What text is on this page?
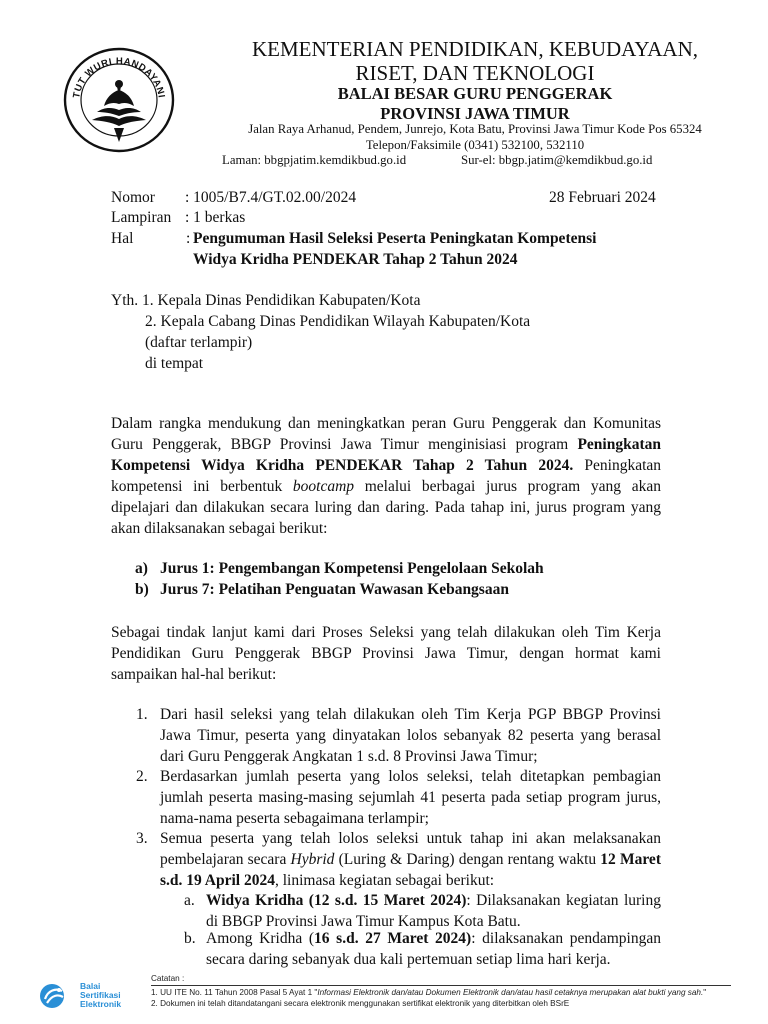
TUT WURI HANDAYANI
KEMENTERIAN PENDIDIKAN, KEBUDAYAAN,
RISET, DAN TEKNOLOGI
BALAI BESAR GURU PENGGERAK
PROVINSI JAWA TIMUR
Jalan Raya Arhanud, Pendem, Junrejo, Kota Batu, Provinsi Jawa Timur Kode Pos 65324
Telepon/Faksimile (0341) 532100, 532110
Laman: bbgpjatim.kemdikbud.go.id	Sur-el: bbgp.jatim@kemdikbud.go.id
Nomor : 1005/B7.4/GT.02.00/2024	28 Februari 2024
Lampiran : 1 berkas
Hal	: Pengumuman Hasil Seleksi Peserta Peningkatan Kompetensi
Widya Kridha PENDEKAR Tahap 2 Tahun 2024
Yth. 1. Kepala Dinas Pendidikan Kabupaten/Kota
2. Kepala Cabang Dinas Pendidikan Wilayah Kabupaten/Kota
(daftar terlampir)
di tempat
Dalam rangka mendukung dan meningkatkan peran Guru Penggerak dan Komunitas
Guru Penggerak, BBGP Provinsi Jawa Timur menginisiasi program Peningkatan
Kompetensi Widya Kridha PENDEKAR Tahap 2 Tahun 2024. Peningkatan
kompetensi ini berbentuk bootcamp melalui berbagai jurus program yang akan
dipelajari dan dilakukan secara luring dan daring. Pada tahap ini, jurus program yang
akan dilaksanakan sebagai berikut:
a) Jurus 1: Pengembangan Kompetensi Pengelolaan Sekolah
b) Jurus 7: Pelatihan Penguatan Wawasan Kebangsaan
Sebagai tindak lanjut kami dari Proses Seleksi yang telah dilakukan oleh Tim Kerja
Pendidikan Guru Penggerak BBGP Provinsi Jawa Timur, dengan hormat kami
sampaikan hal-hal berikut:
1. Dari hasil seleksi yang telah dilakukan oleh Tim Kerja PGP BBGP Provinsi
Jawa Timur, peserta yang dinyatakan lolos sebanyak 82 peserta yang berasal
dari Guru Penggerak Angkatan 1 s.d. 8 Provinsi Jawa Timur;
2. Berdasarkan jumlah peserta yang lolos seleksi, telah ditetapkan pembagian
jumlah peserta masing-masing sejumlah 41 peserta pada setiap program jurus,
nama-nama peserta sebagaimana terlampir;
3. Semua peserta yang telah lolos seleksi untuk tahap ini akan melaksanakan
pembelajaran secara Hybrid (Luring & Daring) dengan rentang waktu 12 Maret
s.d. 19 April 2024, linimasa kegiatan sebagai berikut:
a. Widya Kridha (12 s.d. 15 Maret 2024): Dilaksanakan kegiatan luring
di BBGP Provinsi Jawa Timur Kampus Kota Batu.
b. Among Kridha (16 s.d. 27 Maret 2024): dilaksanakan pendampingan
secara daring sebanyak dua kali pertemuan setiap lima hari kerja.
Balai
Sertifikasi
Elektronik
Catatan :
1. UU ITE No. 11 Tahun 2008 Pasal 5 Ayat 1 "Informasi Elektronik dan/atau Dokumen Elektronik dan/atau hasil cetaknya merupakan alat bukti yang sah."
2. Dokumen ini telah ditandatangani secara elektronik menggunakan sertifikat elektronik yang diterbitkan oleh BSrE
